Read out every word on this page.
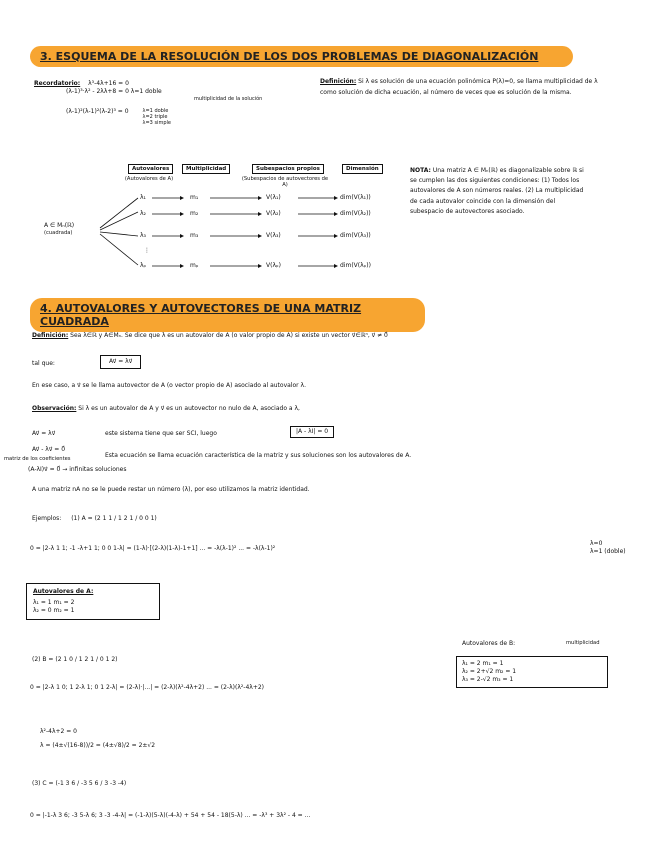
3. ESQUEMA DE LA RESOLUCIÓN DE LOS DOS PROBLEMAS DE DIAGONALIZACIÓN
Recordatorio: λ³-4λ+16 = 0
(λ-1)³·λ² - 2λλ+8 = 0 λ=1 doble
multiplicidad de la solución
(λ-1)²(λ-1)²(λ-2)³ = 0	λ=1 doble
λ=2 triple
λ=3 simple
Definición: Si λ es solución de una ecuación polinómica P(λ)=0, se llama multiplicidad de λ como solución de dicha ecuación, al número de veces que es solución de la misma.
Autovalores	Multiplicidad	Subespacios propios	Dimensión
(Autovalores de A)	(Subespacios de autovectores de A)
A ∈ Mₙ(ℝ)
(cuadrada)
⋮
λ₁	m₁	V(λ₁)	dim(V(λ₁))
λ₂	m₂	V(λ₂)	dim(V(λ₂))
λ₃	m₃	V(λ₃)	dim(V(λ₃))
λₚ	mₚ	V(λₚ)	dim(V(λₚ))
NOTA: Una matriz A ∈ Mₙ(ℝ) es diagonalizable sobre ℝ si se cumplen las dos siguientes condiciones: (1) Todos los autovalores de A son números reales. (2) La multiplicidad de cada autovalor coincide con la dimensión del subespacio de autovectores asociado.
4. AUTOVALORES Y AUTOVECTORES DE UNA MATRIZ CUADRADA
Definición: Sea λ∈ℝ y A∈Mₙ. Se dice que λ es un autovalor de A (o valor propio de A) si existe un vector v⃗∈ℝⁿ, v⃗ ≠ 0⃗
tal que:	Av⃗ = λv⃗
En ese caso, a v⃗ se le llama autovector de A (o vector propio de A) asociado al autovalor λ.
Observación: Si λ es un autovalor de A y v⃗ es un autovector no nulo de A, asociado a λ,
Av⃗ = λv⃗	este sistema tiene que ser SCI, luego	|A - λI| = 0
Av⃗ - λv⃗ = 0⃗
Esta ecuación se llama ecuación característica de la matriz y sus soluciones son los autovalores de A.
matriz de los coeficientes
(A-λI)v⃗ = 0⃗ → infinitas soluciones
A una matriz nA no se le puede restar un número (λ), por eso utilizamos la matriz identidad.
Ejemplos: (1) A = (2 1 1 / 1 2 1 / 0 0 1)
0 = |2-λ 1 1; -1 -λ+1 1; 0 0 1-λ| = (1-λ)·[(2-λ)(1-λ)-1+1] ... = -λ(λ-1)² ... = -λ(λ-1)²
λ=0
λ=1 (doble)
Autovalores de A:
λ₁ = 1 m₁ = 2
λ₂ = 0 m₂ = 1
(2) B = (2 1 0 / 1 2 1 / 0 1 2)
0 = |2-λ 1 0; 1 2-λ 1; 0 1 2-λ| = (2-λ)·|...| = (2-λ)(λ²-4λ+2) ... = (2-λ)(λ²-4λ+2)
λ²-4λ+2 = 0
λ = (4±√(16-8))/2 = (4±√8)/2 = 2±√2
Autovalores de B:	multiplicidad
λ₁ = 2 m₁ = 1
λ₂ = 2+√2 m₂ = 1
λ₃ = 2-√2 m₃ = 1
(3) C = (-1 3 6 / -3 5 6 / 3 -3 -4)
0 = |-1-λ 3 6; -3 5-λ 6; 3 -3 -4-λ| = (-1-λ)(5-λ)(-4-λ) + 54 + 54 - 18(5-λ) ... = -λ³ + 3λ² - 4 = ...
